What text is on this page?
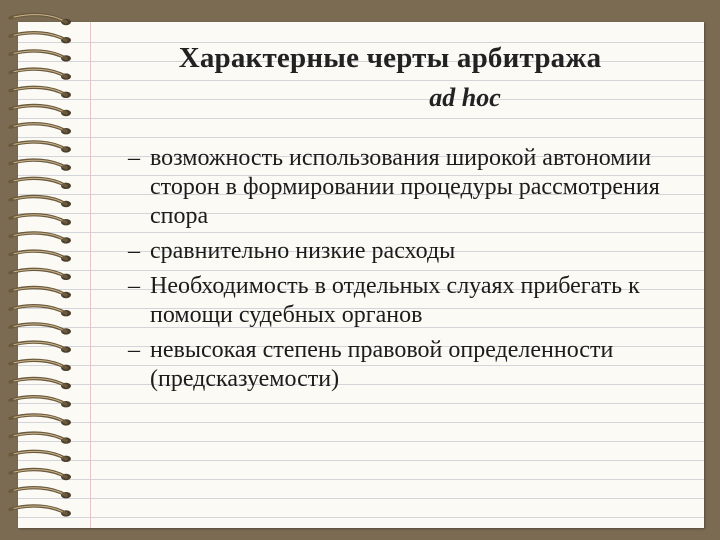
Характерные черты арбитража
ad hoc
– возможность использования широкой автономии сторон в формировании процедуры рассмотрения спора
– сравнительно низкие расходы
– Необходимость в отдельных слуаях прибегать к помощи судебных органов
– невысокая степень правовой определенности (предсказуемости)
